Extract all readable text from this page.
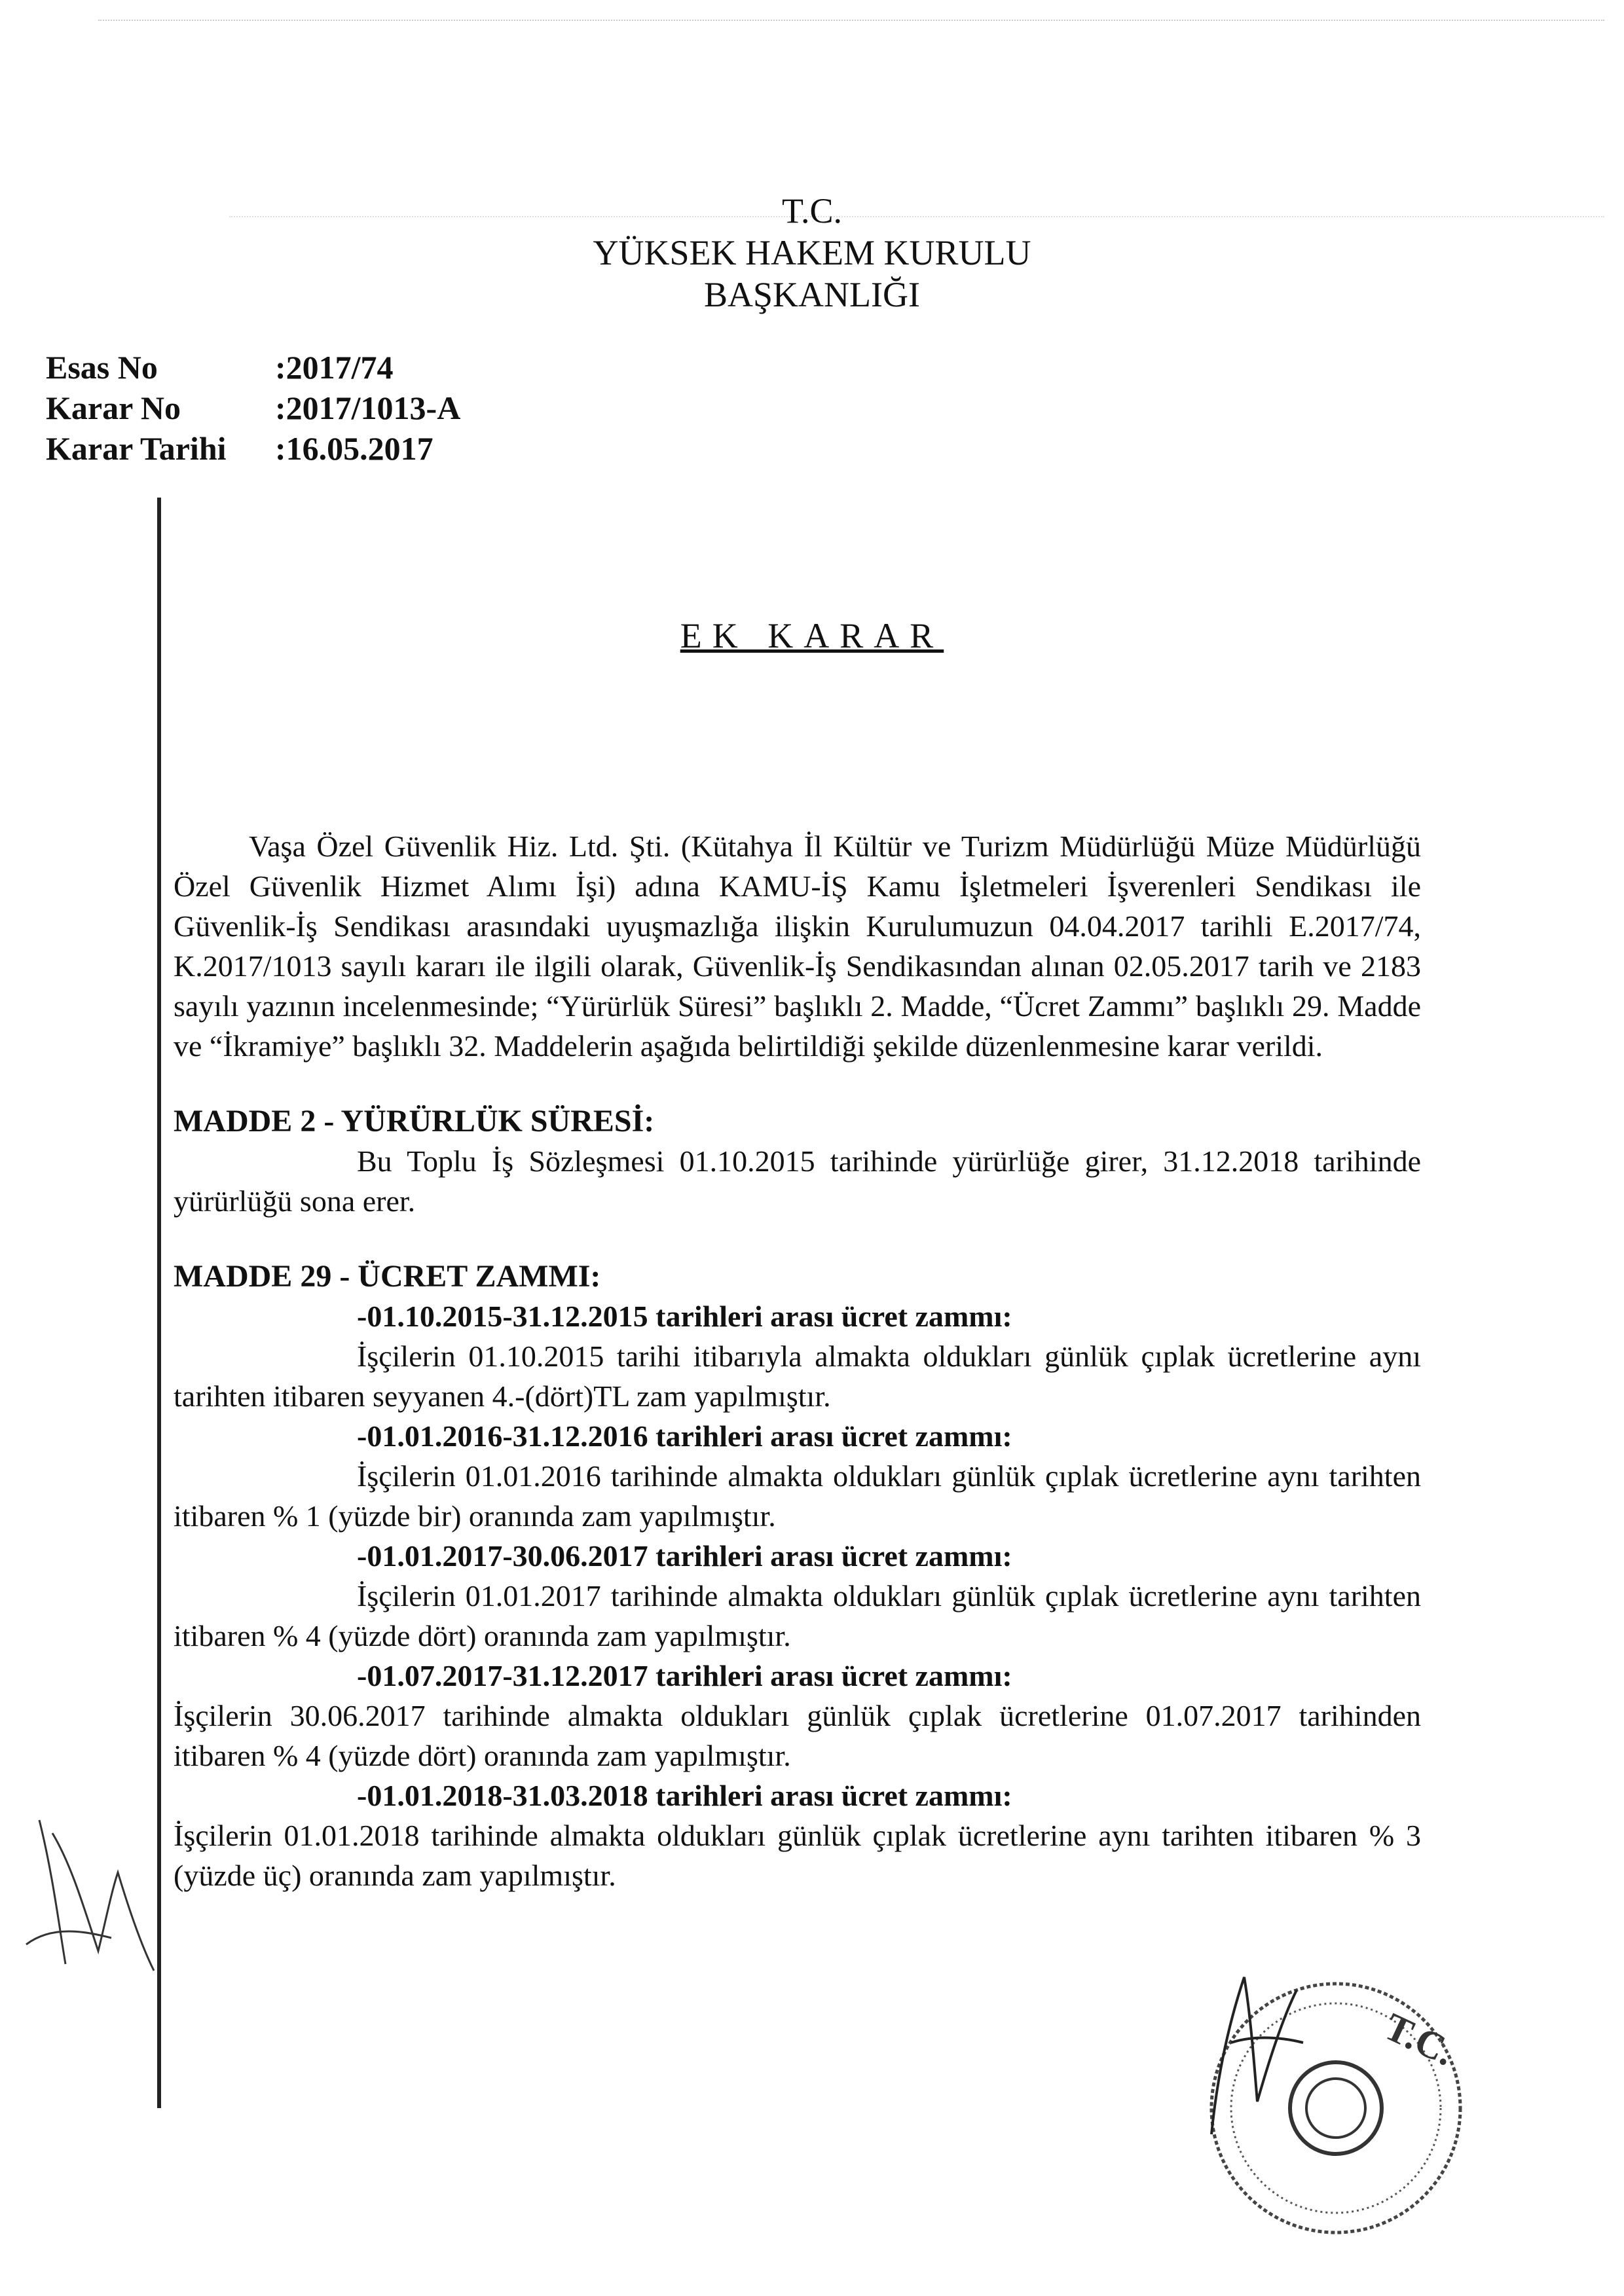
T.C.
YÜKSEK HAKEM KURULU
BAŞKANLIĞI
Esas No	:2017/74
Karar No	:2017/1013-A
Karar Tarihi	:16.05.2017
EK KARAR

Vaşa Özel Güvenlik Hiz. Ltd. Şti. (Kütahya İl Kültür ve Turizm Müdürlüğü Müze Müdürlüğü Özel Güvenlik Hizmet Alımı İşi) adına KAMU-İŞ Kamu İşletmeleri İşverenleri Sendikası ile Güvenlik-İş Sendikası arasındaki uyuşmazlığa ilişkin Kurulumuzun 04.04.2017 tarihli E.2017/74, K.2017/1013 sayılı kararı ile ilgili olarak, Güvenlik-İş Sendikasından alınan 02.05.2017 tarih ve 2183 sayılı yazının incelenmesinde; “Yürürlük Süresi” başlıklı 2. Madde, “Ücret Zammı” başlıklı 29. Madde ve “İkramiye” başlıklı 32. Maddelerin aşağıda belirtildiği şekilde düzenlenmesine karar verildi.

MADDE 2 - YÜRÜRLÜK SÜRESİ:

Bu Toplu İş Sözleşmesi 01.10.2015 tarihinde yürürlüğe girer, 31.12.2018 tarihinde yürürlüğü sona erer.

MADDE 29 - ÜCRET ZAMMI:
-01.10.2015-31.12.2015 tarihleri arası ücret zammı:

İşçilerin 01.10.2015 tarihi itibarıyla almakta oldukları günlük çıplak ücretlerine aynı tarihten itibaren seyyanen 4.-(dört)TL zam yapılmıştır.

-01.01.2016-31.12.2016 tarihleri arası ücret zammı:

İşçilerin 01.01.2016 tarihinde almakta oldukları günlük çıplak ücretlerine aynı tarihten itibaren % 1 (yüzde bir) oranında zam yapılmıştır.

-01.01.2017-30.06.2017 tarihleri arası ücret zammı:

İşçilerin 01.01.2017 tarihinde almakta oldukları günlük çıplak ücretlerine aynı tarihten itibaren % 4 (yüzde dört) oranında zam yapılmıştır.

-01.07.2017-31.12.2017 tarihleri arası ücret zammı:

İşçilerin 30.06.2017 tarihinde almakta oldukları günlük çıplak ücretlerine 01.07.2017 tarihinden itibaren % 4 (yüzde dört) oranında zam yapılmıştır.

-01.01.2018-31.03.2018 tarihleri arası ücret zammı:

İşçilerin 01.01.2018 tarihinde almakta oldukları günlük çıplak ücretlerine aynı tarihten itibaren % 3 (yüzde üç) oranında zam yapılmıştır.

T.C.
